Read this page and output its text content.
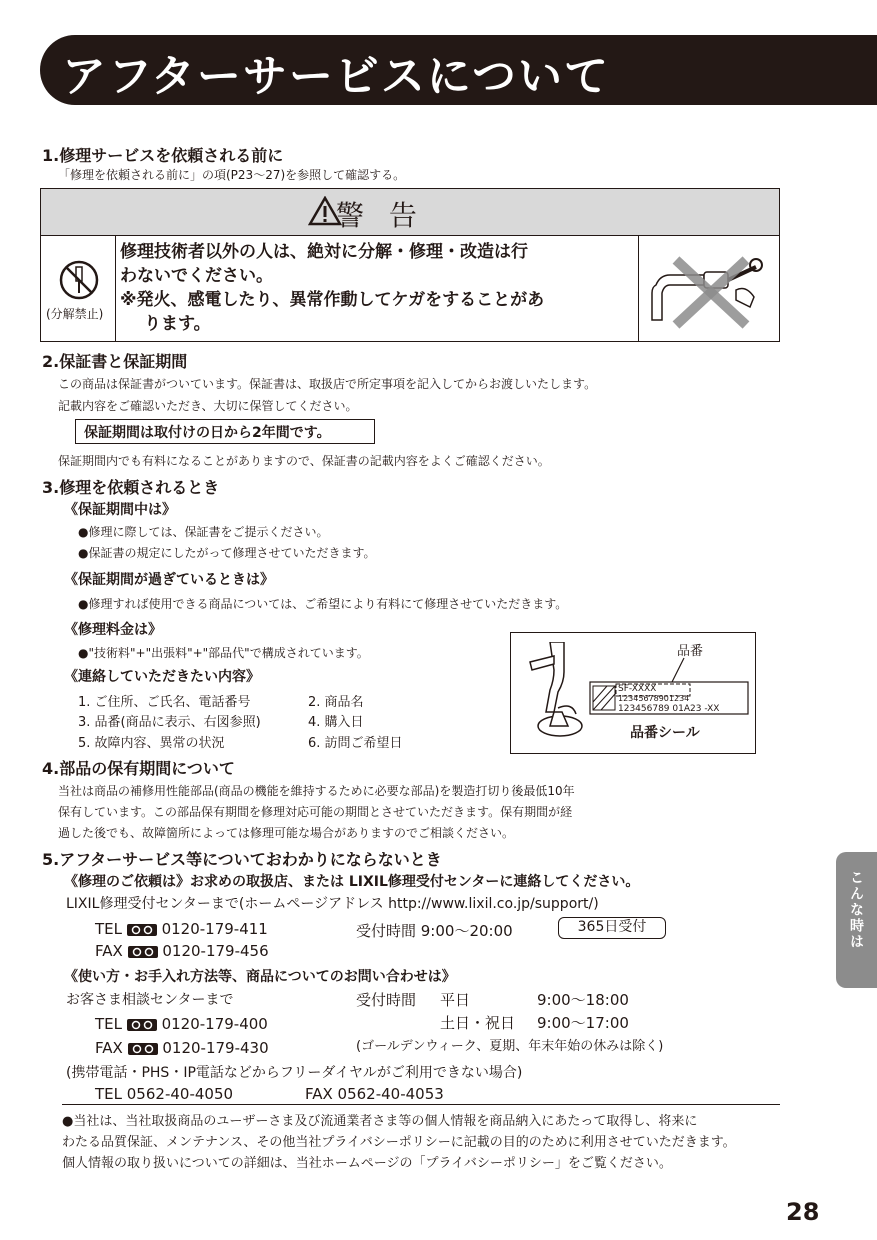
アフターサービスについて
1.修理サービスを依頼される前に
「修理を依頼される前に」の項(P23〜27)を参照して確認する。
警 告
(分解禁止)
修理技術者以外の人は、絶対に分解・修理・改造は行
わないでください。
※発火、感電したり、異常作動してケガをすることがあ
ります。
2.保証書と保証期間
この商品は保証書がついています。保証書は、取扱店で所定事項を記入してからお渡しいたします。
記載内容をご確認いただき、大切に保管してください。
保証期間は取付けの日から2年間です。
保証期間内でも有料になることがありますので、保証書の記載内容をよくご確認ください。
3.修理を依頼されるとき
《保証期間中は》
●修理に際しては、保証書をご提示ください。
●保証書の規定にしたがって修理させていただきます。
《保証期間が過ぎているときは》
●修理すれば使用できる商品については、ご希望により有料にて修理させていただきます。
《修理料金は》
●"技術料"+"出張料"+"部品代"で構成されています。
《連絡していただきたい内容》
1. ご住所、ご氏名、電話番号	2. 商品名
3. 品番(商品に表示、右図参照)	4. 購入日
5. 故障内容、異常の状況	6. 訪問ご希望日
品番
SF-XXXX
12345678901234
123456789 01A23 -XX
品番シール
4.部品の保有期間について
当社は商品の補修用性能部品(商品の機能を維持するために必要な部品)を製造打切り後最低10年
保有しています。この部品保有期間を修理対応可能の期間とさせていただきます。保有期間が経
過した後でも、故障箇所によっては修理可能な場合がありますのでご相談ください。
5.アフターサービス等についておわかりにならないとき
《修理のご依頼は》お求めの取扱店、または LIXIL修理受付センターに連絡してください。
LIXIL修理受付センターまで(ホームページアドレス http://www.lixil.co.jp/support/)
TEL	0120-179-411
FAX	0120-179-456
受付時間 9:00〜20:00	365日受付
《使い方・お手入れ方法等、商品についてのお問い合わせは》
お客さま相談センターまで	受付時間 平日	9:00〜18:00
土日・祝日 9:00〜17:00
(ゴールデンウィーク、夏期、年末年始の休みは除く)
TEL	0120-179-400
FAX	0120-179-430
(携帯電話・PHS・IP電話などからフリーダイヤルがご利用できない場合)
TEL 0562-40-4050	FAX 0562-40-4053
●当社は、当社取扱商品のユーザーさま及び流通業者さま等の個人情報を商品納入にあたって取得し、将来に
わたる品質保証、メンテナンス、その他当社プライバシーポリシーに記載の目的のために利用させていただきます。
個人情報の取り扱いについての詳細は、当社ホームページの「プライバシーポリシー」をご覧ください。
こんな時は
28
